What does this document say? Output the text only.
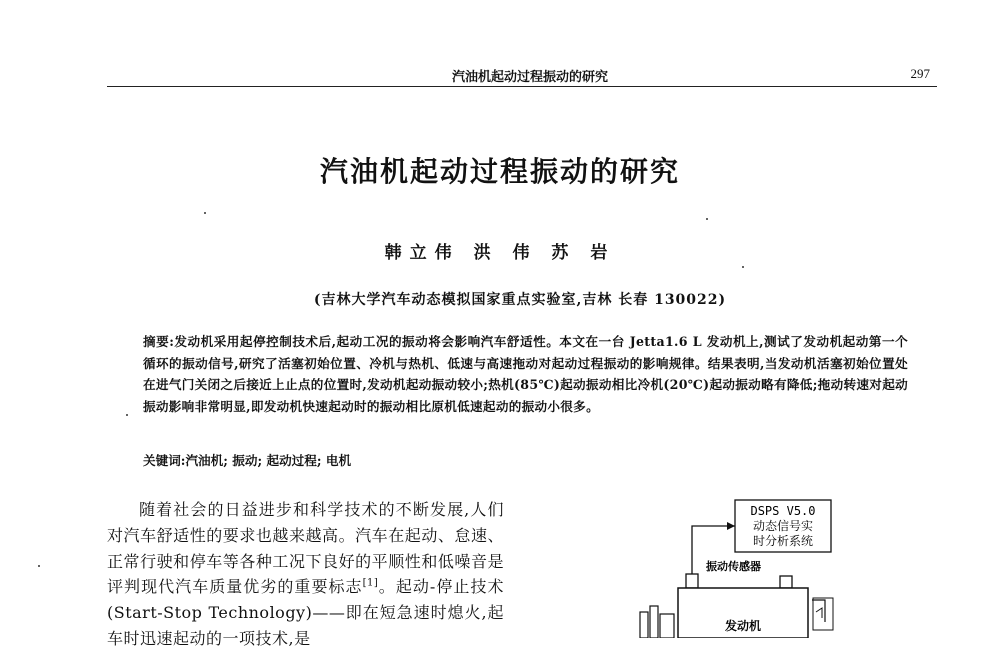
汽油机起动过程振动的研究	297
汽油机起动过程振动的研究
韩立伟 洪 伟 苏 岩
(吉林大学汽车动态模拟国家重点实验室,吉林 长春 130022)
摘要:发动机采用起停控制技术后,起动工况的振动将会影响汽车舒适性。本文在一台 Jetta1.6 L 发动机上,测试了发动机起动第一个循环的振动信号,研究了活塞初始位置、冷机与热机、低速与高速拖动对起动过程振动的影响规律。结果表明,当发动机活塞初始位置处在进气门关闭之后接近上止点的位置时,发动机起动振动较小;热机(85℃)起动振动相比冷机(20℃)起动振动略有降低;拖动转速对起动振动影响非常明显,即发动机快速起动时的振动相比原机低速起动的振动小很多。
关键词:汽油机; 振动; 起动过程; 电机

随着社会的日益进步和科学技术的不断发展,人们对汽车舒适性的要求也越来越高。汽车在起动、怠速、正常行驶和停车等各种工况下良好的平顺性和低噪音是评判现代汽车质量优劣的重要标志[1]。起动-停止技术(Start-Stop Technology)——即在短急速时熄火,起车时迅速起动的一项技术,是

DSPS V5.0
动态信号实
时分析系统
振动传感器
发动机
